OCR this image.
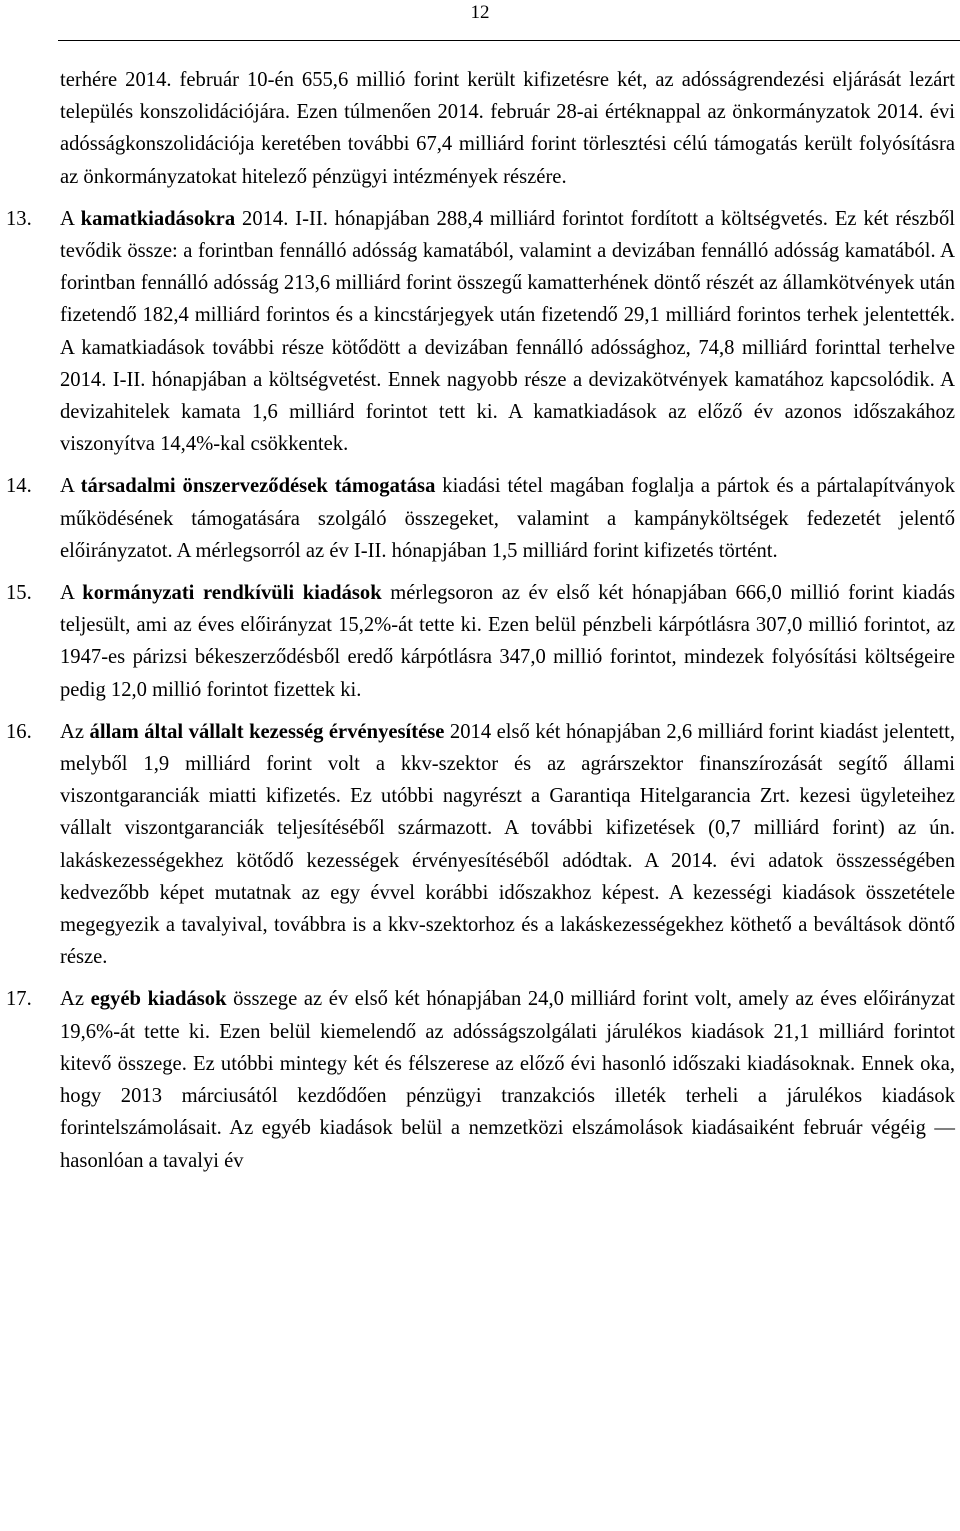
12

terhére 2014. február 10-én 655,6 millió forint került kifizetésre két, az adósságrendezési eljárását lezárt település konszolidációjára. Ezen túlmenően 2014. február 28-ai értéknappal az önkormányzatok 2014. évi adósságkonszolidációja keretében további 67,4 milliárd forint törlesztési célú támogatás került folyósításra az önkormányzatokat hitelező pénzügyi intézmények részére.

13. A kamatkiadásokra 2014. I-II. hónapjában 288,4 milliárd forintot fordított a költségvetés. Ez két részből tevődik össze: a forintban fennálló adósság kamatából, valamint a devizában fennálló adósság kamatából. A forintban fennálló adósság 213,6 milliárd forint összegű kamatterhének döntő részét az államkötvények után fizetendő 182,4 milliárd forintos és a kincstárjegyek után fizetendő 29,1 milliárd forintos terhek jelentették. A kamatkiadások további része kötődött a devizában fennálló adóssághoz, 74,8 milliárd forinttal terhelve 2014. I-II. hónapjában a költségvetést. Ennek nagyobb része a devizakötvények kamatához kapcsolódik. A devizahitelek kamata 1,6 milliárd forintot tett ki. A kamatkiadások az előző év azonos időszakához viszonyítva 14,4%-kal csökkentek.

14. A társadalmi önszerveződések támogatása kiadási tétel magában foglalja a pártok és a pártalapítványok működésének támogatására szolgáló összegeket, valamint a kampányköltségek fedezetét jelentő előirányzatot. A mérlegsorról az év I-II. hónapjában 1,5 milliárd forint kifizetés történt.

15. A kormányzati rendkívüli kiadások mérlegsoron az év első két hónapjában 666,0 millió forint kiadás teljesült, ami az éves előirányzat 15,2%-át tette ki. Ezen belül pénzbeli kárpótlásra 307,0 millió forintot, az 1947-es párizsi békeszerződésből eredő kárpótlásra 347,0 millió forintot, mindezek folyósítási költségeire pedig 12,0 millió forintot fizettek ki.

16. Az állam által vállalt kezesség érvényesítése 2014 első két hónapjában 2,6 milliárd forint kiadást jelentett, melyből 1,9 milliárd forint volt a kkv-szektor és az agrárszektor finanszírozását segítő állami viszontgaranciák miatti kifizetés. Ez utóbbi nagyrészt a Garantiqa Hitelgarancia Zrt. kezesi ügyleteihez vállalt viszontgaranciák teljesítéséből származott. A további kifizetések (0,7 milliárd forint) az ún. lakáskezességekhez kötődő kezességek érvényesítéséből adódtak. A 2014. évi adatok összességében kedvezőbb képet mutatnak az egy évvel korábbi időszakhoz képest. A kezességi kiadások összetétele megegyezik a tavalyival, továbbra is a kkv-szektorhoz és a lakáskezességekhez köthető a beváltások döntő része.

17. Az egyéb kiadások összege az év első két hónapjában 24,0 milliárd forint volt, amely az éves előirányzat 19,6%-át tette ki. Ezen belül kiemelendő az adósságszolgálati járulékos kiadások 21,1 milliárd forintot kitevő összege. Ez utóbbi mintegy két és félszerese az előző évi hasonló időszaki kiadásoknak. Ennek oka, hogy 2013 márciusától kezdődően pénzügyi tranzakciós illeték terheli a járulékos kiadások forintelszámolásait. Az egyéb kiadások belül a nemzetközi elszámolások kiadásaiként február végéig — hasonlóan a tavalyi év
